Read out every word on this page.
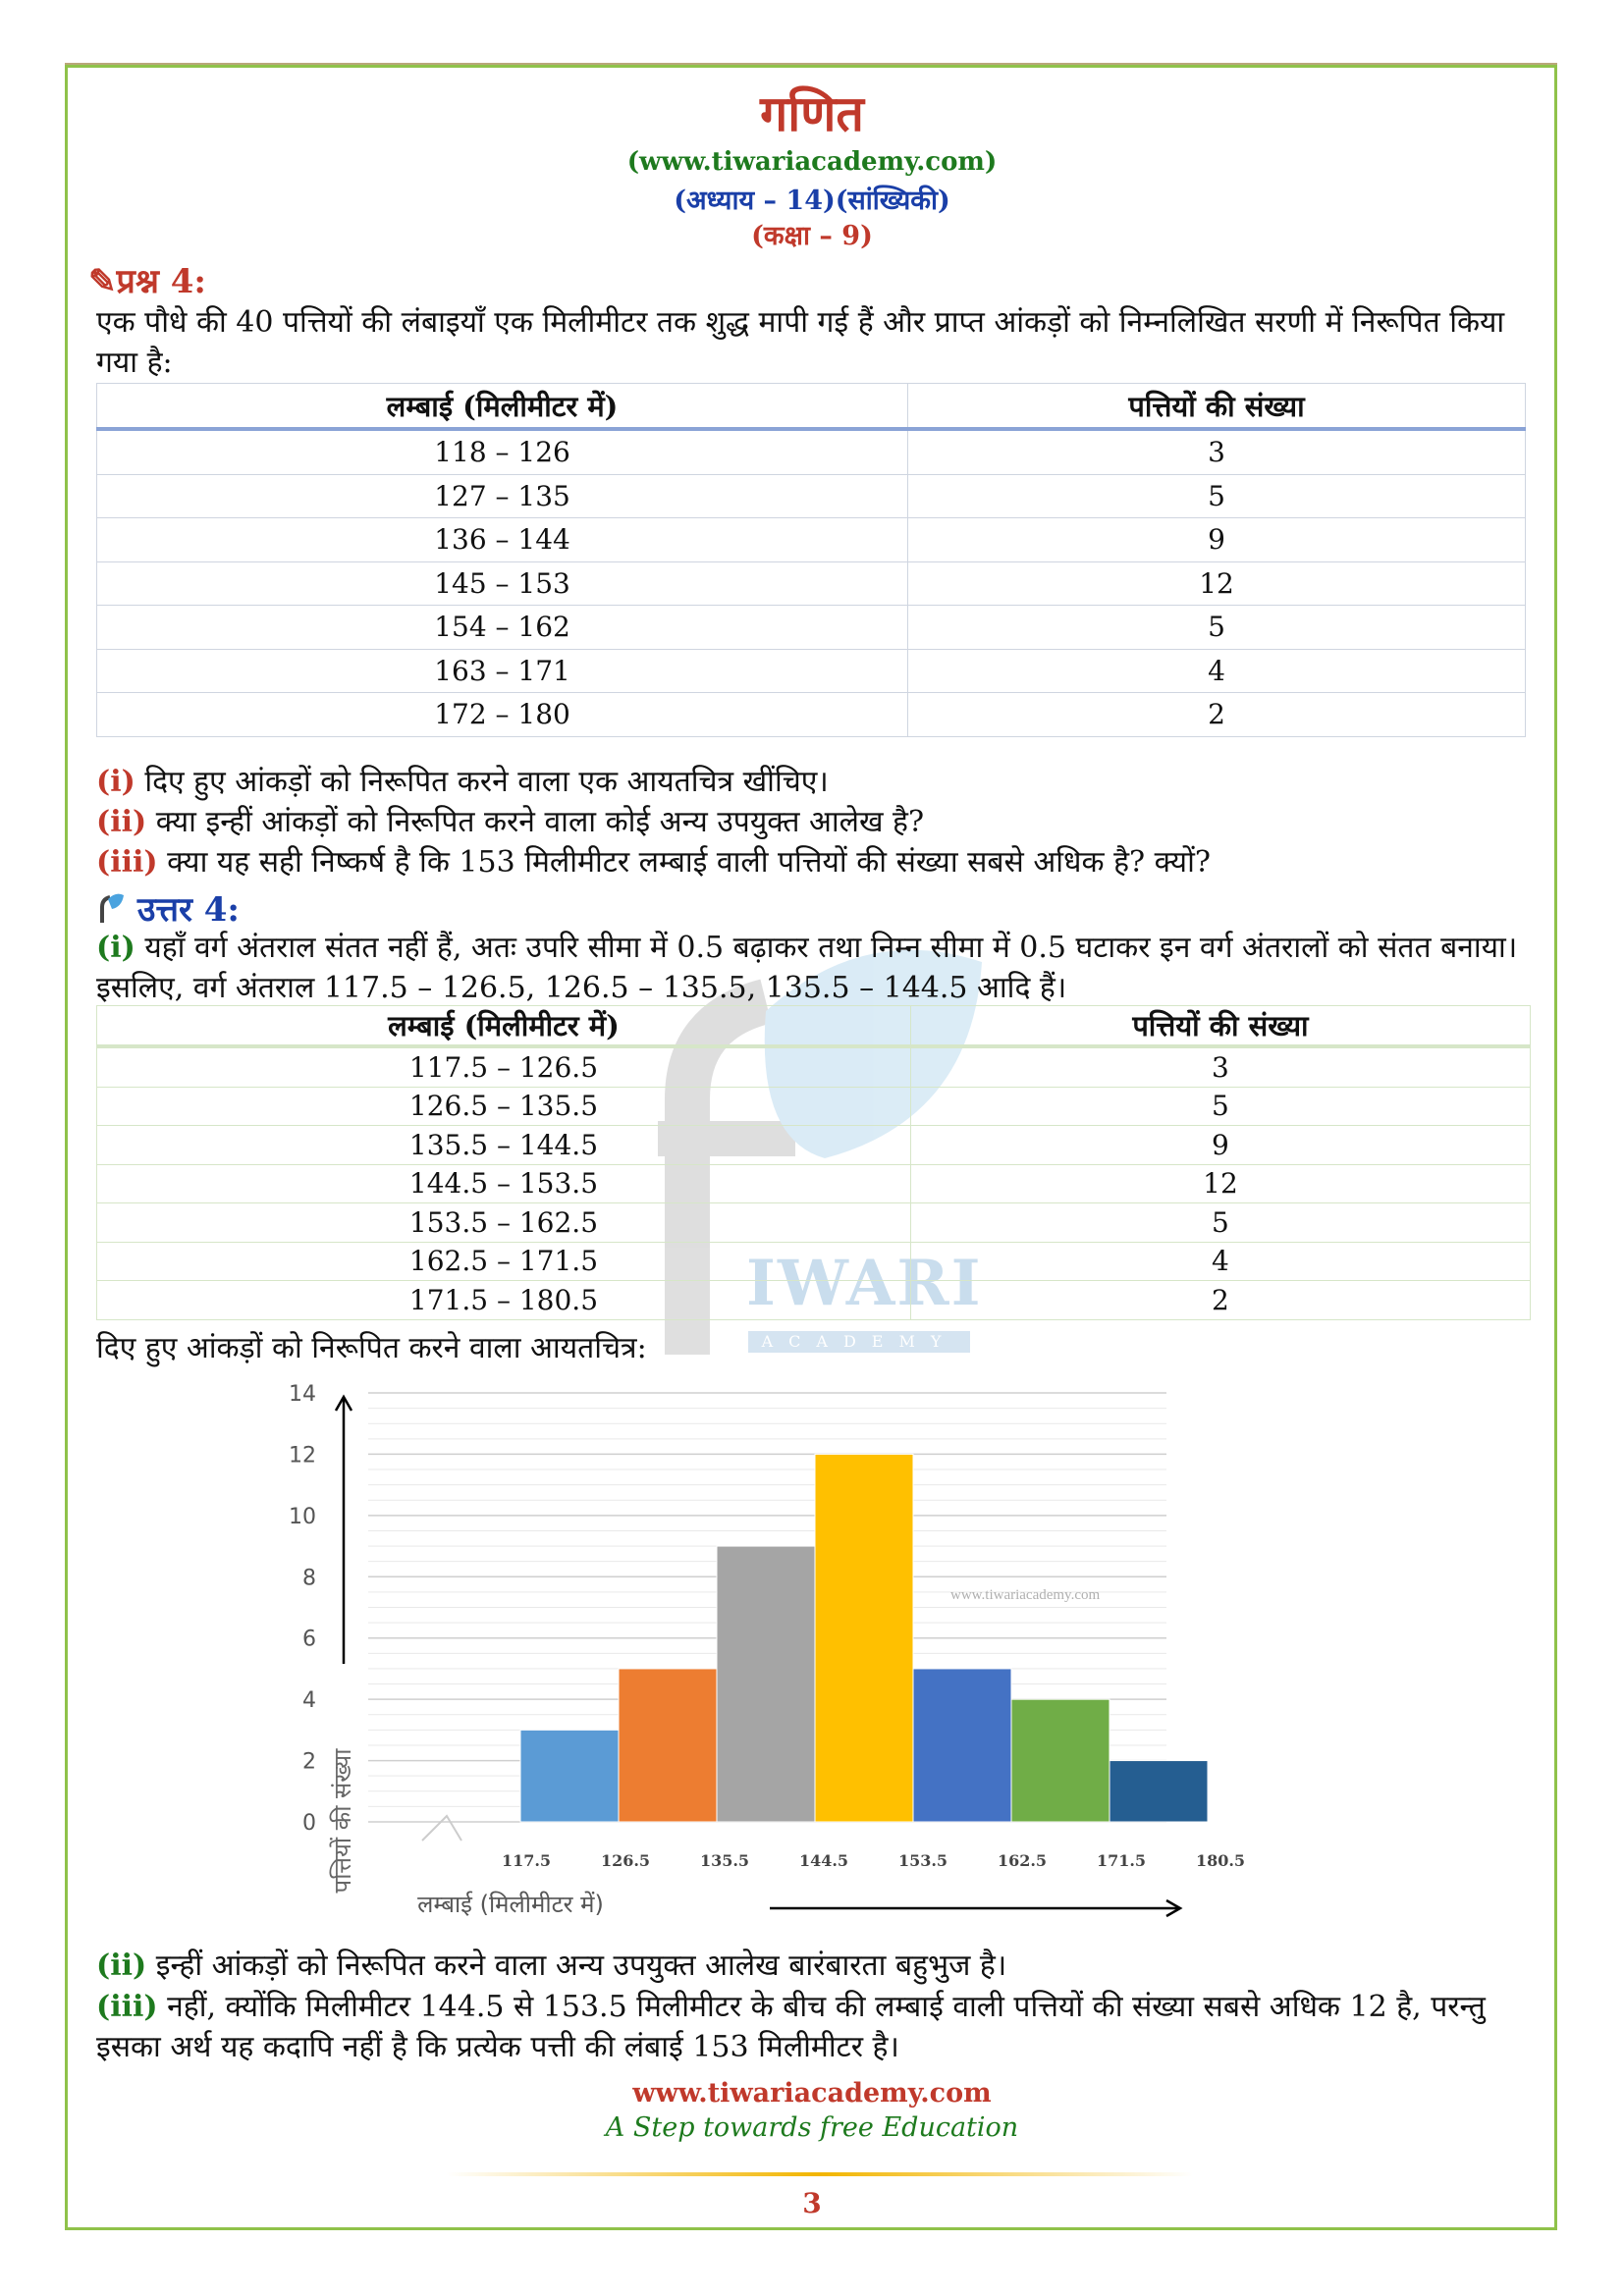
गणित
(www.tiwariacademy.com)
(अध्याय – 14)(सांख्यिकी)
(कक्षा – 9)
IWARI
ACADEMY
✎प्रश्न 4:
एक पौधे की 40 पत्तियों की लंबाइयाँ एक मिलीमीटर तक शुद्ध मापी गई हैं और प्राप्त आंकड़ों को निम्नलिखित सरणी में निरूपित किया गया है:
लम्बाई (मिलीमीटर में)	पत्तियों की संख्या
118 – 126	3
127 – 135	5
136 – 144	9
145 – 153	12
154 – 162	5
163 – 171	4
172 – 180	2
(i) दिए हुए आंकड़ों को निरूपित करने वाला एक आयतचित्र खींचिए।
(ii) क्या इन्हीं आंकड़ों को निरूपित करने वाला कोई अन्य उपयुक्त आलेख है?
(iii) क्या यह सही निष्कर्ष है कि 153 मिलीमीटर लम्बाई वाली पत्तियों की संख्या सबसे अधिक है? क्यों?
उत्तर 4:
(i) यहाँ वर्ग अंतराल संतत नहीं हैं, अतः उपरि सीमा में 0.5 बढ़ाकर तथा निम्न सीमा में 0.5 घटाकर इन वर्ग अंतरालों को संतत बनाया। इसलिए, वर्ग अंतराल 117.5 – 126.5, 126.5 – 135.5, 135.5 – 144.5 आदि हैं।
लम्बाई (मिलीमीटर में)	पत्तियों की संख्या
117.5 – 126.5	3
126.5 – 135.5	5
135.5 – 144.5	9
144.5 – 153.5	12
153.5 – 162.5	5
162.5 – 171.5	4
171.5 – 180.5	2
दिए हुए आंकड़ों को निरूपित करने वाला आयतचित्र:
0
2
4
6
8
10
12
14
117.5	126.5	135.5	144.5	153.5	162.5	171.5	180.5
www.tiwariacademy.com
पत्तियों की संख्या
लम्बाई (मिलीमीटर में)
(ii) इन्हीं आंकड़ों को निरूपित करने वाला अन्य उपयुक्त आलेख बारंबारता बहुभुज है।
(iii) नहीं, क्योंकि मिलीमीटर 144.5 से 153.5 मिलीमीटर के बीच की लम्बाई वाली पत्तियों की संख्या सबसे अधिक 12 है, परन्तु इसका अर्थ यह कदापि नहीं है कि प्रत्येक पत्ती की लंबाई 153 मिलीमीटर है।
www.tiwariacademy.com
A Step towards free Education
3
